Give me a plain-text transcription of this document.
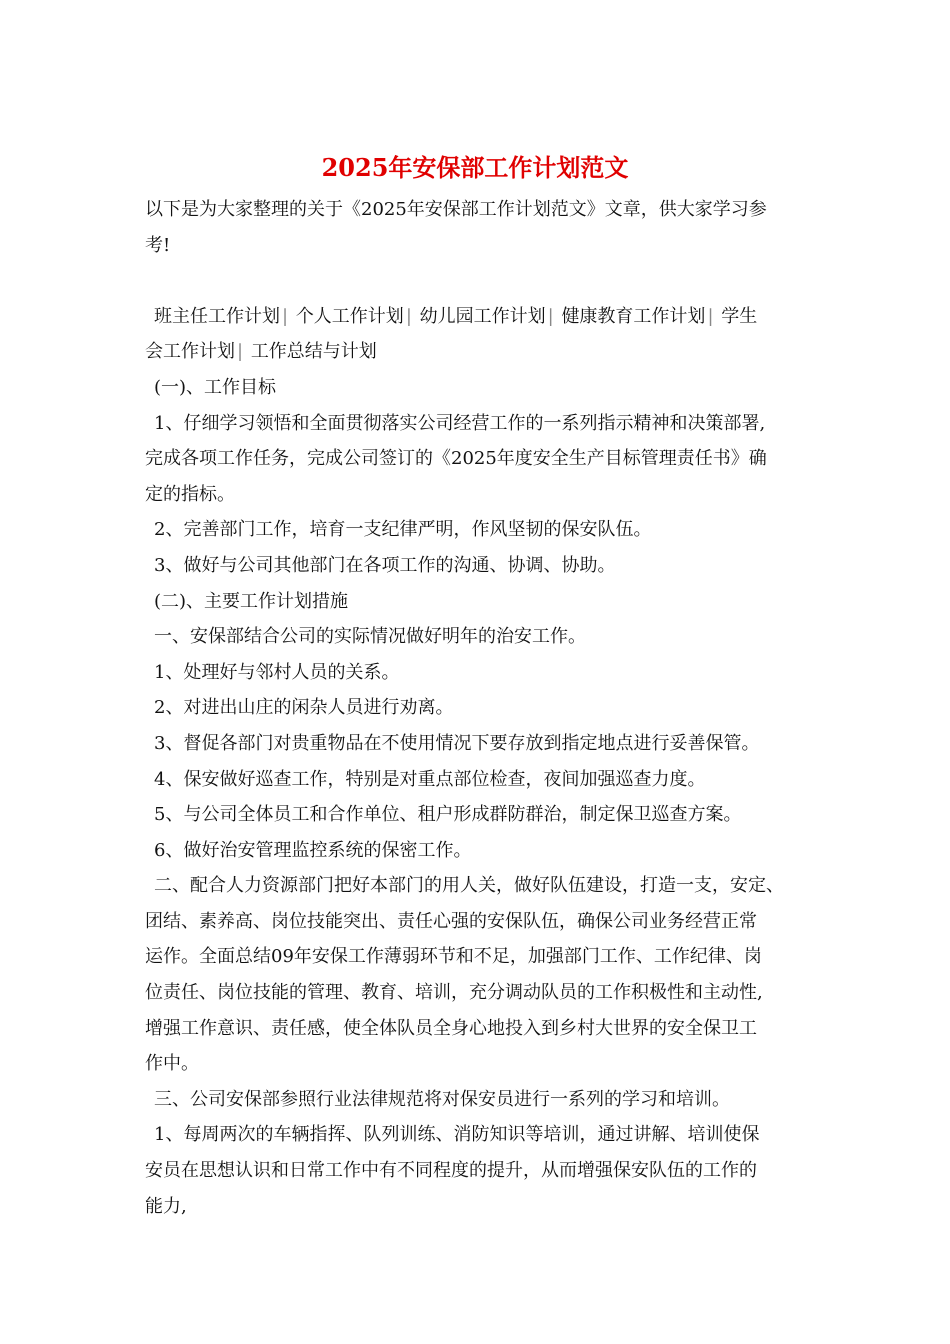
2025年安保部工作计划范文
以下是为大家整理的关于《2025年安保部工作计划范文》文章，供大家学习参
考!
班主任工作计划 | 个人工作计划 | 幼儿园工作计划 | 健康教育工作计划 | 学生
会工作计划 | 工作总结与计划
(一)、工作目标
1、仔细学习领悟和全面贯彻落实公司经营工作的一系列指示精神和决策部署,
完成各项工作任务，完成公司签订的《2025年度安全生产目标管理责任书》确
定的指标。
2、完善部门工作，培育一支纪律严明，作风坚韧的保安队伍。
3、做好与公司其他部门在各项工作的沟通、协调、协助。
(二)、主要工作计划措施
一、安保部结合公司的实际情况做好明年的治安工作。
1、处理好与邻村人员的关系。
2、对进出山庄的闲杂人员进行劝离。
3、督促各部门对贵重物品在不使用情况下要存放到指定地点进行妥善保管。
4、保安做好巡查工作，特别是对重点部位检查，夜间加强巡查力度。
5、与公司全体员工和合作单位、租户形成群防群治，制定保卫巡查方案。
6、做好治安管理监控系统的保密工作。
二、配合人力资源部门把好本部门的用人关，做好队伍建设，打造一支，安定、
团结、素养高、岗位技能突出、责任心强的安保队伍，确保公司业务经营正常
运作。全面总结09年安保工作薄弱环节和不足，加强部门工作、工作纪律、岗
位责任、岗位技能的管理、教育、培训，充分调动队员的工作积极性和主动性,
增强工作意识、责任感，使全体队员全身心地投入到乡村大世界的安全保卫工
作中。
三、公司安保部参照行业法律规范将对保安员进行一系列的学习和培训。
1、每周两次的车辆指挥、队列训练、消防知识等培训，通过讲解、培训使保
安员在思想认识和日常工作中有不同程度的提升，从而增强保安队伍的工作的
能力,
